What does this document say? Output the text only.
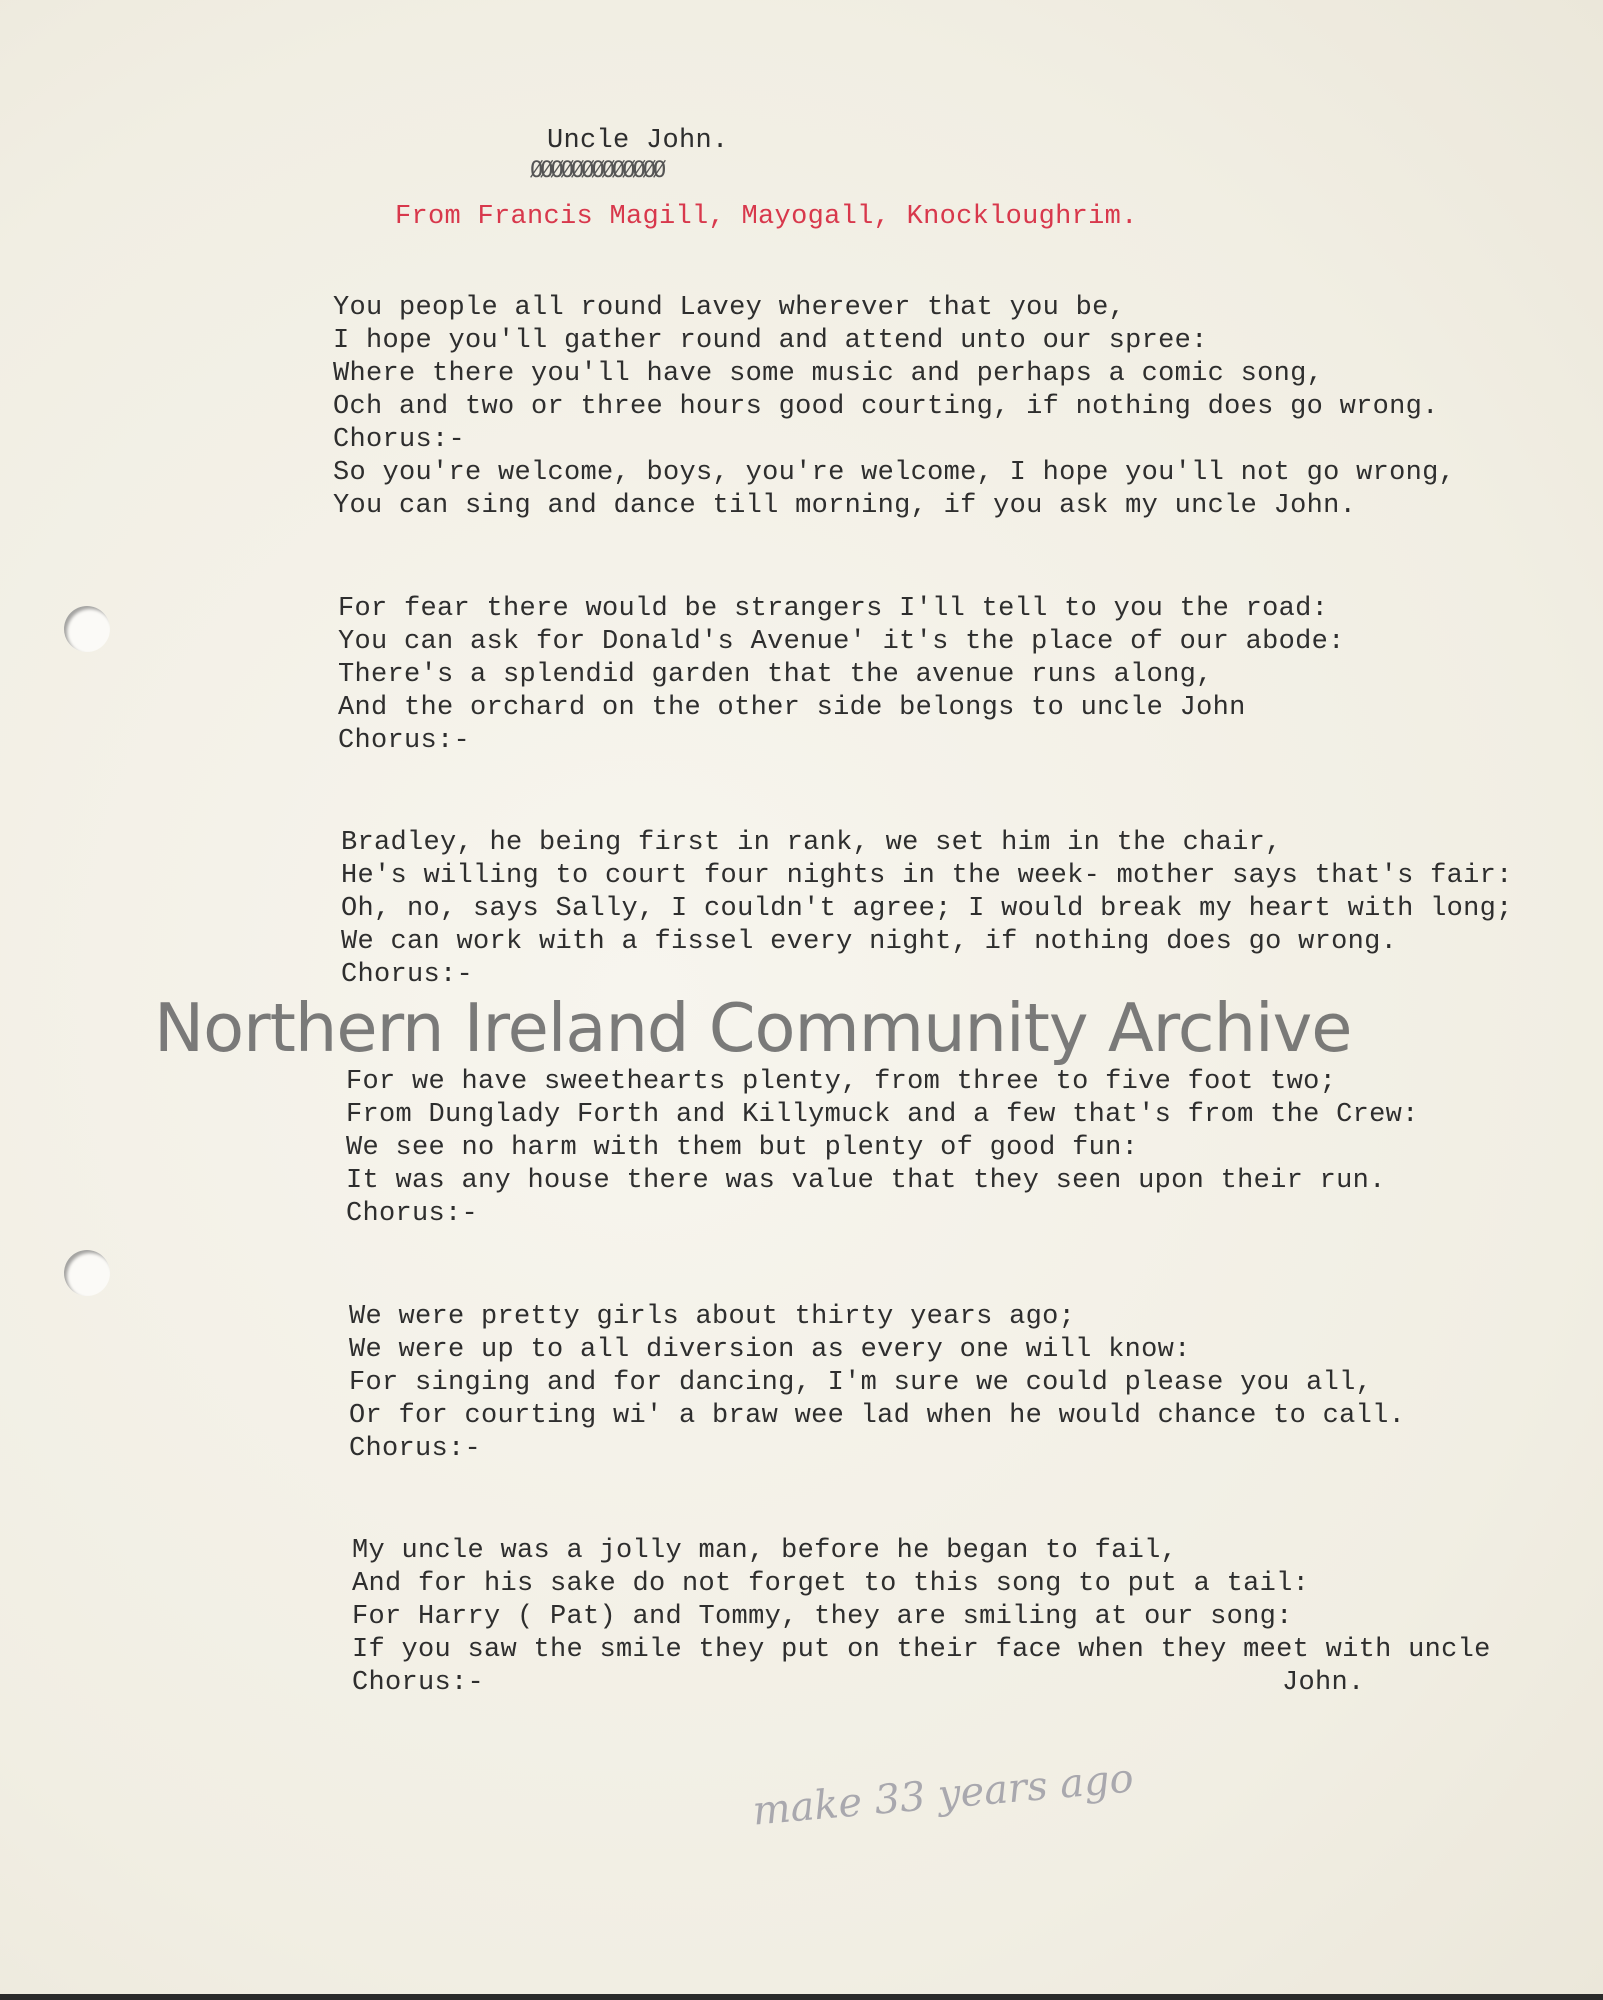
Uncle John.
ØØØØØØØØØØØØØ
From Francis Magill, Mayogall, Knockloughrim.
Northern Ireland Community Archive
You people all round Lavey wherever that you be,
I hope you'll gather round and attend unto our spree:
Where there you'll have some music and perhaps a comic song,
Och and two or three hours good courting, if nothing does go wrong.
Chorus:-
So you're welcome, boys, you're welcome, I hope you'll not go wrong,
You can sing and dance till morning, if you ask my uncle John.
For fear there would be strangers I'll tell to you the road:
You can ask for Donald's Avenue' it's the place of our abode:
There's a splendid garden that the avenue runs along,
And the orchard on the other side belongs to uncle John
Chorus:-
Bradley, he being first in rank, we set him in the chair,
He's willing to court four nights in the week- mother says that's fair:
Oh, no, says Sally, I couldn't agree; I would break my heart with long;
We can work with a fissel every night, if nothing does go wrong.
Chorus:-
For we have sweethearts plenty, from three to five foot two;
From Dunglady Forth and Killymuck and a few that's from the Crew:
We see no harm with them but plenty of good fun:
It was any house there was value that they seen upon their run.
Chorus:-
We were pretty girls about thirty years ago;
We were up to all diversion as every one will know:
For singing and for dancing, I'm sure we could please you all,
Or for courting wi' a braw wee lad when he would chance to call.
Chorus:-
My uncle was a jolly man, before he began to fail,
And for his sake do not forget to this song to put a tail:
For Harry ( Pat) and Tommy, they are smiling at our song:
If you saw the smile they put on their face when they meet with uncle
Chorus:-	John.
make 33 years ago
